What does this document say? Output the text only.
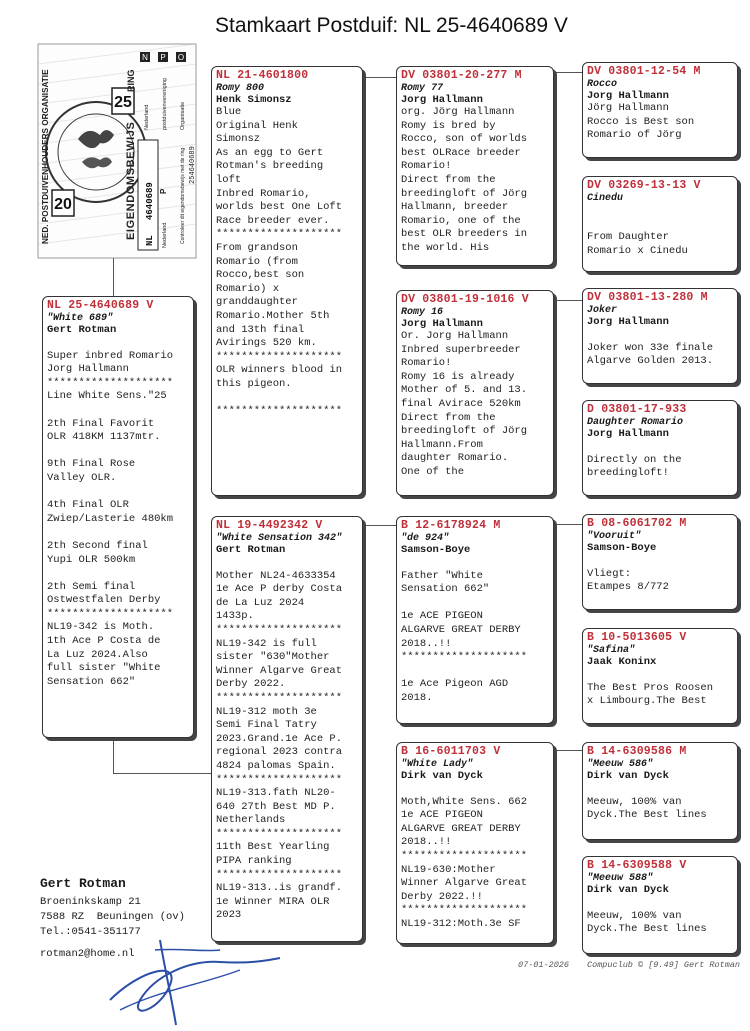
Stamkaart Postduif: NL 25-4640689 V
25
20
NED. POSTDUIVENHOUDERS ORGANISATIE	EIGENDOMSBEWIJS
RING
N
Nederland
P
postduivenvereniging
O
Organisatie
NL
4640689
Nederland
P Controleer dit eigendomsbewijs met de ring 254640689
NL 25-4640689 V
"White 689"
Gert Rotman

Super inbred Romario
Jorg Hallmann
********************
Line White Sens."25

2th Final Favorit
OLR 418KM 1137mtr.

9th Final Rose
Valley OLR.

4th Final OLR
Zwiep/Lasterie 480km

2th Second final
Yupi OLR 500km

2th Semi final
Ostwestfalen Derby
********************
NL19-342 is Moth.
1th Ace P Costa de
La Luz 2024.Also
full sister "White
Sensation 662"
NL 21-4601800
Romy 800
Henk Simonsz
Blue
Original Henk
Simonsz
As an egg to Gert
Rotman's breeding
loft
Inbred Romario,
worlds best One Loft
Race breeder ever.
********************
From grandson
Romario (from
Rocco,best son
Romario) x
granddaughter
Romario.Mother 5th
and 13th final
Avirings 520 km.
********************
OLR winners blood in
this pigeon.

********************
NL 19-4492342 V
"White Sensation 342"
Gert Rotman

Mother NL24-4633354
1e Ace P derby Costa
de La Luz 2024
1433p.
********************
NL19-342 is full
sister "630"Mother
Winner Algarve Great
Derby 2022.
********************
NL19-312 moth 3e
Semi Final Tatry
2023.Grand.1e Ace P.
regional 2023 contra
4824 palomas Spain.
********************
NL19-313.fath NL20-
640 27th Best MD P.
Netherlands
********************
11th Best Yearling
PIPA ranking
********************
NL19-313..is grandf.
1e Winner MIRA OLR
2023
DV 03801-20-277 M
Romy 77
Jorg Hallmann
org. Jörg Hallmann
Romy is bred by
Rocco, son of worlds
best OLRace breeder
Romario!
Direct from the
breedingloft of Jörg
Hallmann, breeder
Romario, one of the
best OLR breeders in
the world. His
DV 03801-19-1016 V
Romy 16
Jorg Hallmann
Or. Jorg Hallmann
Inbred superbreeder
Romario!
Romy 16 is already
Mother of 5. and 13.
final Avirace 520km
Direct from the
breedingloft of Jörg
Hallmann.From
daughter Romario.
One of the
B 12-6178924 M
"de 924"
Samson-Boye

Father "White
Sensation 662"

1e ACE PIGEON
ALGARVE GREAT DERBY
2018..!!
********************

1e Ace Pigeon AGD
2018.
B 16-6011703 V
"White Lady"
Dirk van Dyck

Moth,White Sens. 662
1e ACE PIGEON
ALGARVE GREAT DERBY
2018..!!
********************
NL19-630:Mother
Winner Algarve Great
Derby 2022.!!
********************
NL19-312:Moth.3e SF
DV 03801-12-54 M
Rocco
Jorg Hallmann
Jörg Hallmann
Rocco is Best son
Romario of Jörg
DV 03269-13-13 V
Cinedu

From Daughter
Romario x Cinedu
DV 03801-13-280 M
Joker
Jorg Hallmann

Joker won 33e finale
Algarve Golden 2013.
D 03801-17-933
Daughter Romario
Jorg Hallmann

Directly on the
breedingloft!
B 08-6061702 M
"Vooruit"
Samson-Boye

Vliegt:
Etampes 8/772
B 10-5013605 V
"Safina"
Jaak Koninx

The Best Pros Roosen
x Limbourg.The Best
B 14-6309586 M
"Meeuw 586"
Dirk van Dyck

Meeuw, 100% van
Dyck.The Best lines
B 14-6309588 V
"Meeuw 588"
Dirk van Dyck

Meeuw, 100% van
Dyck.The Best lines
Gert Rotman
Broeninkskamp 21
7588 RZ  Beuningen (ov)
Tel.:0541-351177
rotman2@home.nl
07-01-2026 Compuclub © [9.49] Gert Rotman
